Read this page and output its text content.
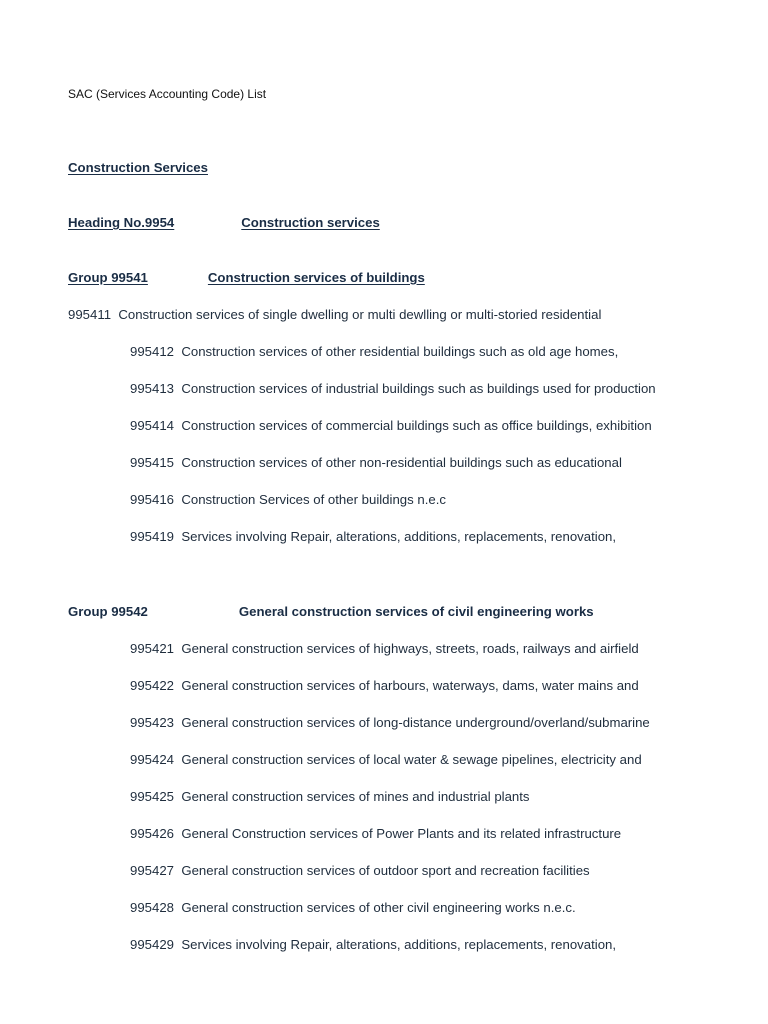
SAC (Services Accounting Code) List
Construction Services
Heading No.9954	Construction services
Group 99541	Construction services of buildings
995411 Construction services of single dwelling or multi dewlling or multi-storied residential
995412 Construction services of other residential buildings such as old age homes,
995413 Construction services of industrial buildings such as buildings used for production
995414 Construction services of commercial buildings such as office buildings, exhibition
995415 Construction services of other non-residential buildings such as educational
995416 Construction Services of other buildings n.e.c
995419 Services involving Repair, alterations, additions, replacements, renovation,
Group 99542	General construction services of civil engineering works
995421 General construction services of highways, streets, roads, railways and airfield
995422 General construction services of harbours, waterways, dams, water mains and
995423 General construction services of long-distance underground/overland/submarine
995424 General construction services of local water & sewage pipelines, electricity and
995425 General construction services of mines and industrial plants
995426 General Construction services of Power Plants and its related infrastructure
995427 General construction services of outdoor sport and recreation facilities
995428 General construction services of other civil engineering works n.e.c.
995429 Services involving Repair, alterations, additions, replacements, renovation,
